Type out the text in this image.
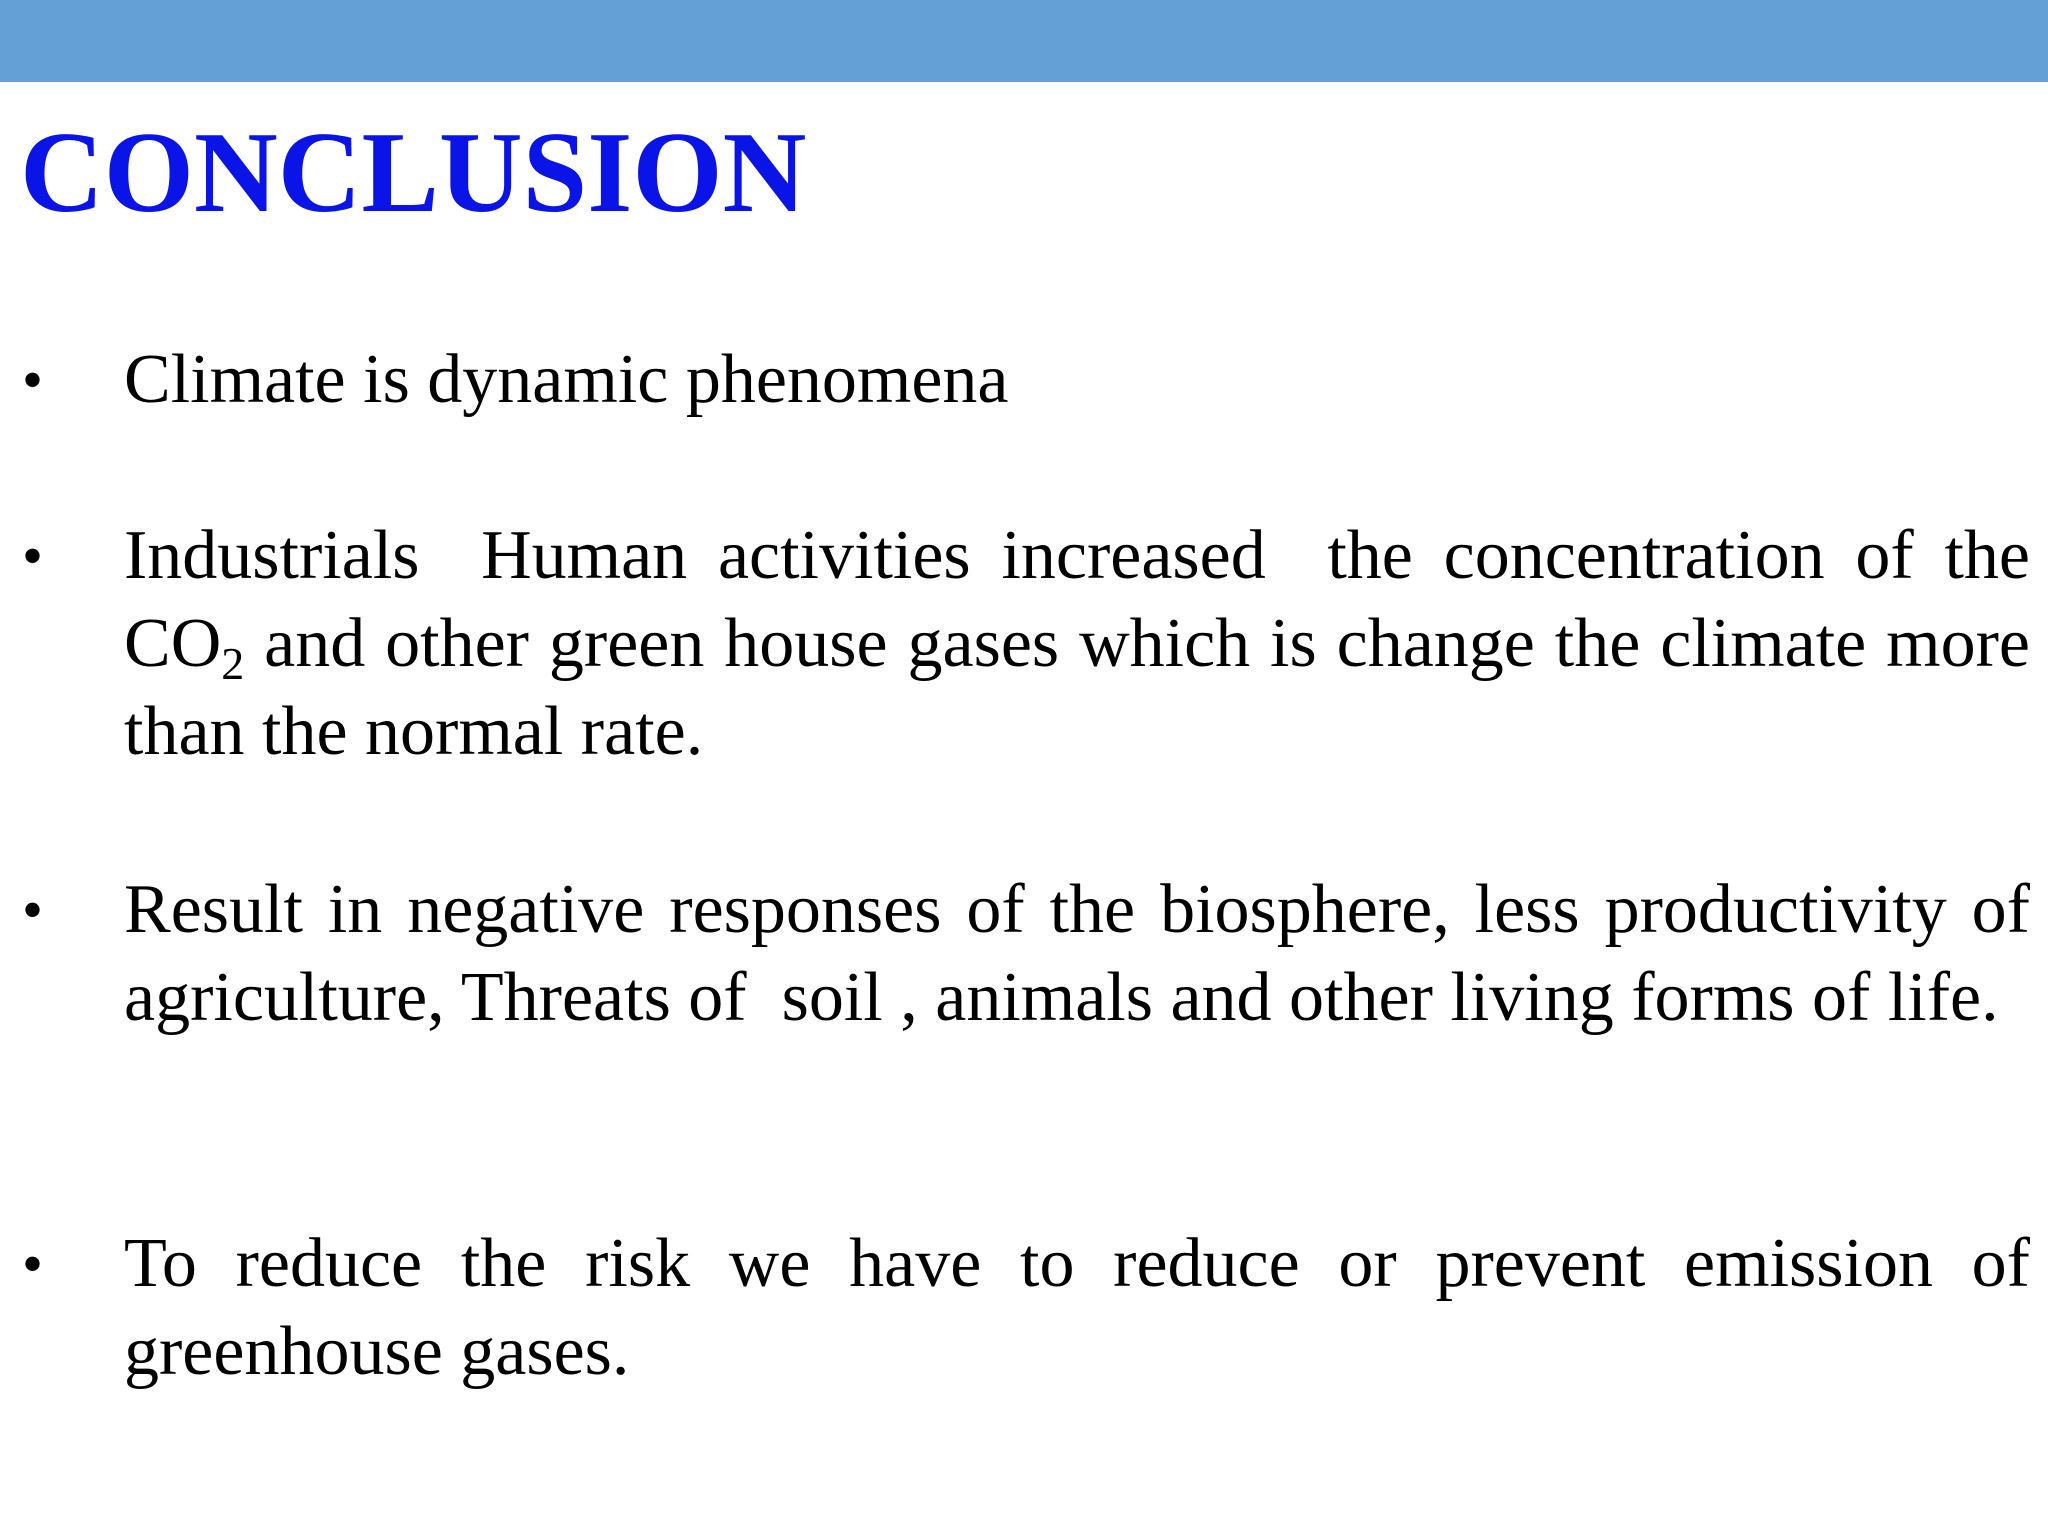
CONCLUSION
• Climate is dynamic phenomena

• Industrials  Human activities increased  the concentration of the $CO_2$ and other green house gases which is change the climate more than the normal rate.

• Result in negative responses of the biosphere, less productivity of agriculture, Threats of  soil , animals and other living forms of life.

• To reduce the risk we have to reduce or prevent emission of greenhouse gases.
